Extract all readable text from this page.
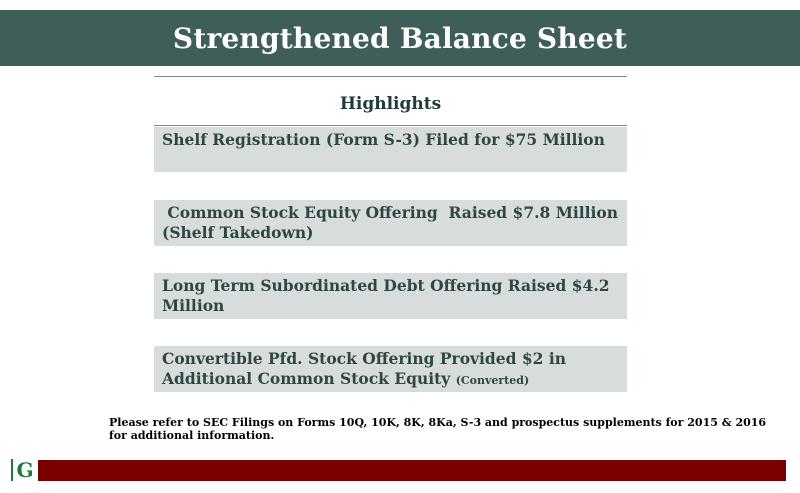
Strengthened Balance Sheet
Highlights
Shelf Registration (Form S-3) Filed for $75 Million
Common Stock Equity Offering  Raised $7.8 Million (Shelf Takedown)
Long Term Subordinated Debt Offering Raised $4.2 Million
Convertible Pfd. Stock Offering Provided $2 in Additional Common Stock Equity (Converted)
Please refer to SEC Filings on Forms 10Q, 10K, 8K, 8Ka, S-3 and prospectus supplements for 2015 & 2016 for additional information.
G
